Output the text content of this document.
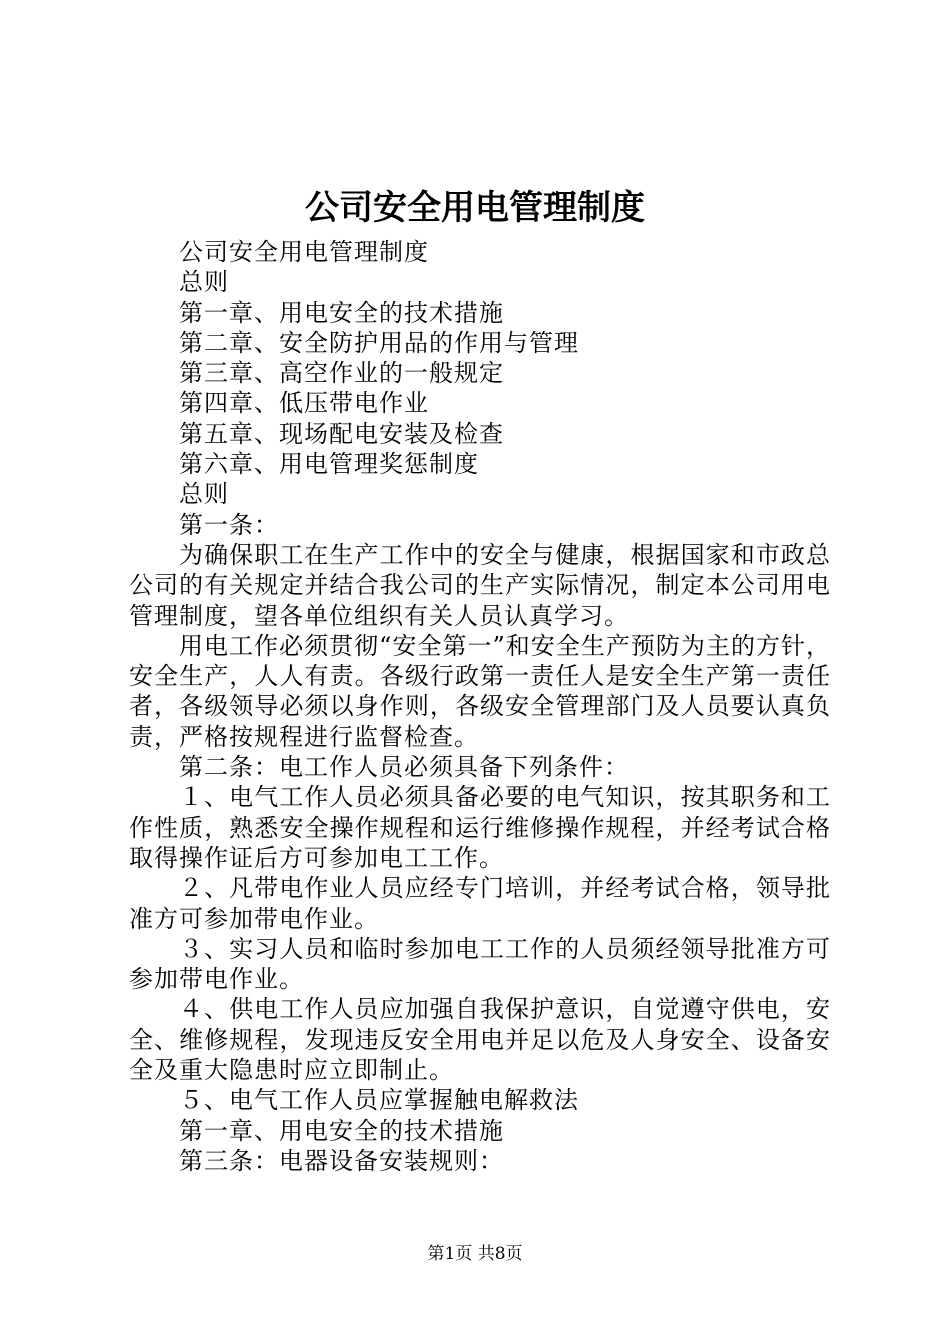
公司安全用电管理制度

公司安全用电管理制度

总则

第一章、用电安全的技术措施

第二章、安全防护用品的作用与管理

第三章、高空作业的一般规定

第四章、低压带电作业

第五章、现场配电安装及检查

第六章、用电管理奖惩制度

总则

第一条：

为确保职工在生产工作中的安全与健康，根据国家和市政总公司的有关规定并结合我公司的生产实际情况，制定本公司用电管理制度，望各单位组织有关人员认真学习。

用电工作必须贯彻“安全第一”和安全生产预防为主的方针，安全生产，人人有责。各级行政第一责任人是安全生产第一责任者，各级领导必须以身作则，各级安全管理部门及人员要认真负责，严格按规程进行监督检查。

第二条：电工作人员必须具备下列条件：

１、电气工作人员必须具备必要的电气知识，按其职务和工作性质，熟悉安全操作规程和运行维修操作规程，并经考试合格取得操作证后方可参加电工工作。

２、凡带电作业人员应经专门培训，并经考试合格，领导批准方可参加带电作业。

３、实习人员和临时参加电工工作的人员须经领导批准方可参加带电作业。

４、供电工作人员应加强自我保护意识，自觉遵守供电，安全、维修规程，发现违反安全用电并足以危及人身安全、设备安全及重大隐患时应立即制止。

５、电气工作人员应掌握触电解救法

第一章、用电安全的技术措施

第三条：电器设备安装规则：

第1页 共8页
